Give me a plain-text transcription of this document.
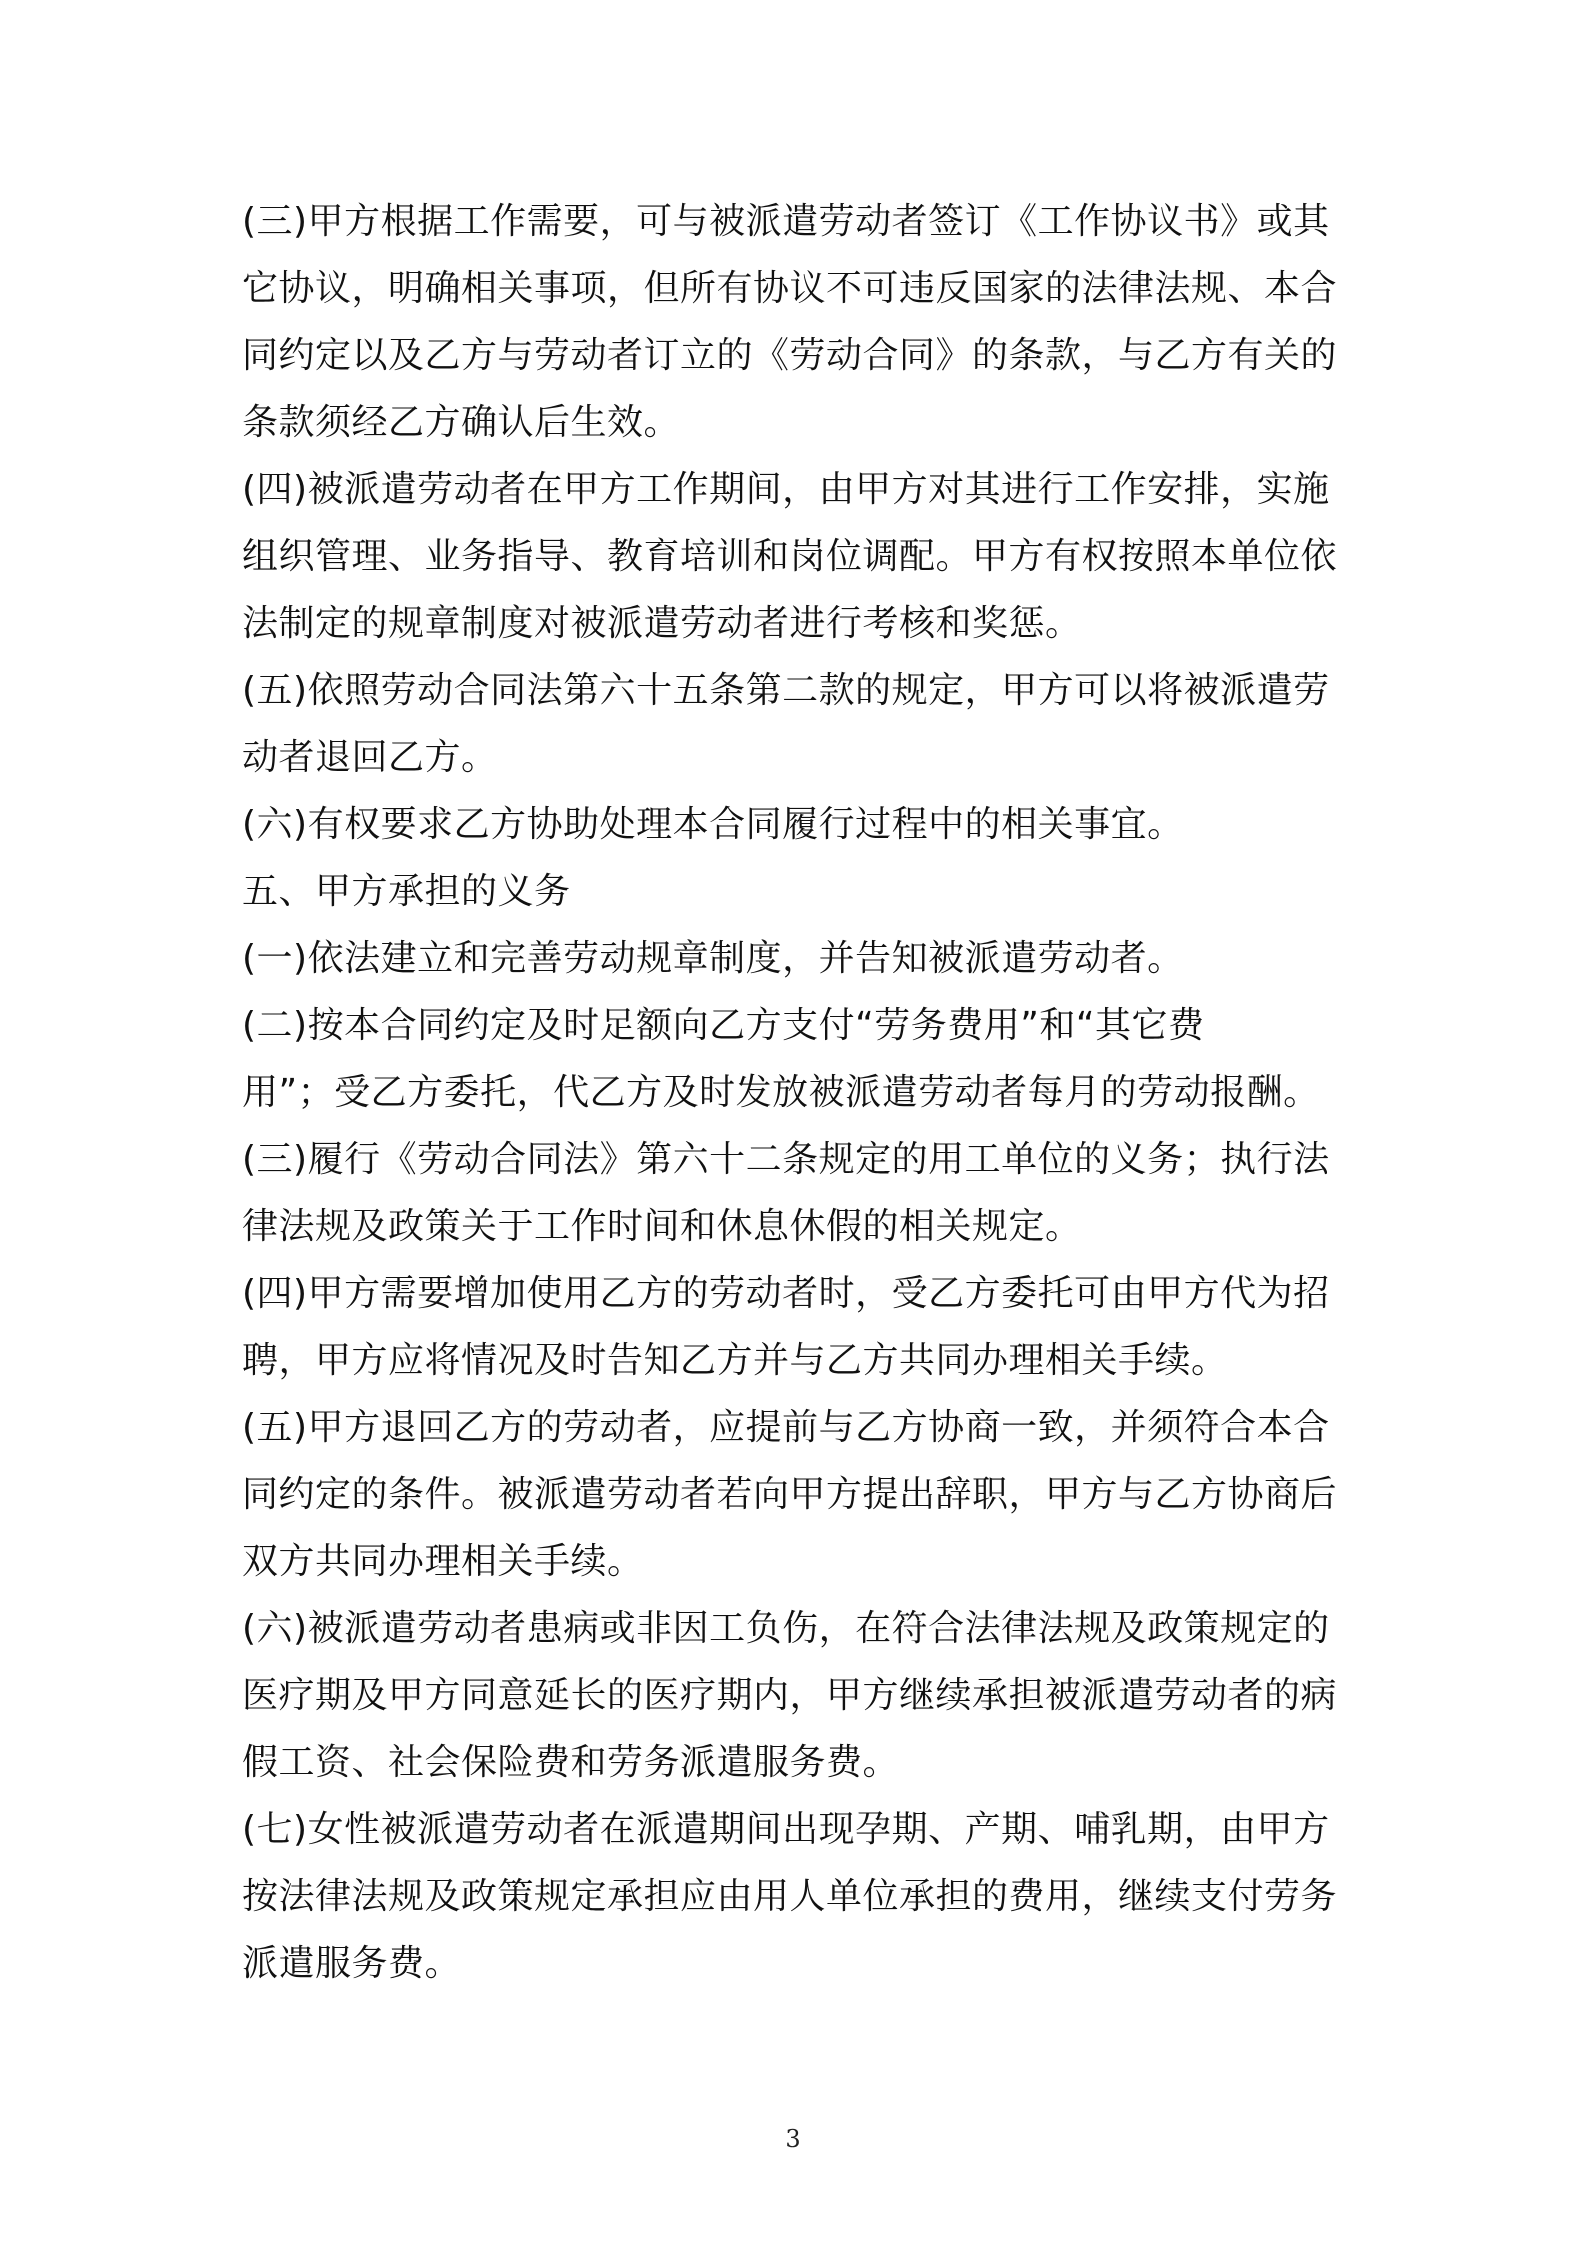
(三)甲方根据工作需要，可与被派遣劳动者签订《工作协议书》或其
它协议，明确相关事项，但所有协议不可违反国家的法律法规、本合
同约定以及乙方与劳动者订立的《劳动合同》的条款，与乙方有关的
条款须经乙方确认后生效。
(四)被派遣劳动者在甲方工作期间，由甲方对其进行工作安排，实施
组织管理、业务指导、教育培训和岗位调配。甲方有权按照本单位依
法制定的规章制度对被派遣劳动者进行考核和奖惩。
(五)依照劳动合同法第六十五条第二款的规定，甲方可以将被派遣劳
动者退回乙方。
(六)有权要求乙方协助处理本合同履行过程中的相关事宜。
五、甲方承担的义务
(一)依法建立和完善劳动规章制度，并告知被派遣劳动者。
(二)按本合同约定及时足额向乙方支付“劳务费用”和“其它费
用”；受乙方委托，代乙方及时发放被派遣劳动者每月的劳动报酬。
(三)履行《劳动合同法》第六十二条规定的用工单位的义务；执行法
律法规及政策关于工作时间和休息休假的相关规定。
(四)甲方需要增加使用乙方的劳动者时，受乙方委托可由甲方代为招
聘，甲方应将情况及时告知乙方并与乙方共同办理相关手续。
(五)甲方退回乙方的劳动者，应提前与乙方协商一致，并须符合本合
同约定的条件。被派遣劳动者若向甲方提出辞职，甲方与乙方协商后
双方共同办理相关手续。
(六)被派遣劳动者患病或非因工负伤，在符合法律法规及政策规定的
医疗期及甲方同意延长的医疗期内，甲方继续承担被派遣劳动者的病
假工资、社会保险费和劳务派遣服务费。
(七)女性被派遣劳动者在派遣期间出现孕期、产期、哺乳期，由甲方
按法律法规及政策规定承担应由用人单位承担的费用，继续支付劳务
派遣服务费。
3
